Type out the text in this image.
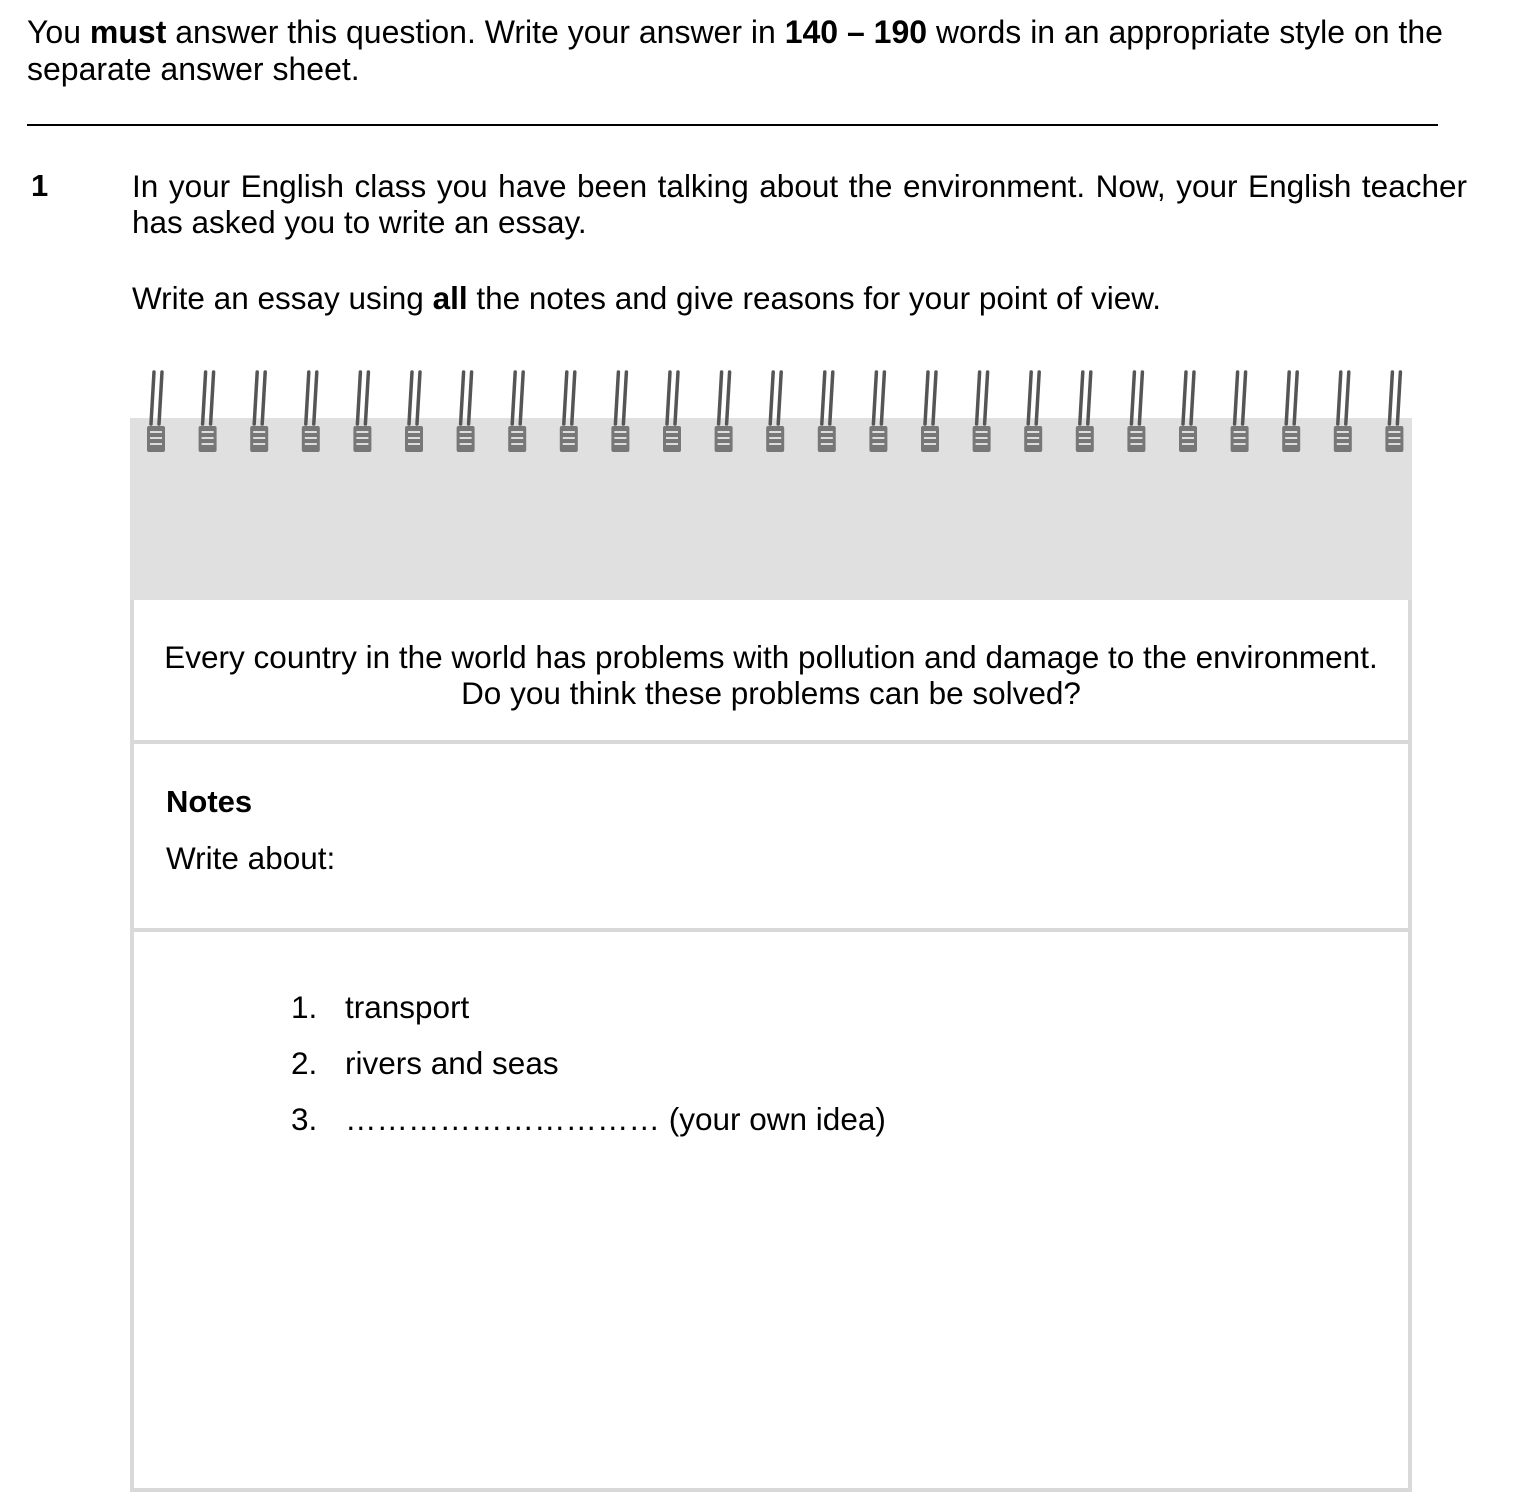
You must answer this question. Write your answer in 140 – 190 words in an appropriate style on the separate answer sheet.
1	In your English class you have been talking about the environment. Now, your English teacher has asked you to write an essay.
Write an essay using all the notes and give reasons for your point of view.
Every country in the world has problems with pollution and damage to the environment.
Do you think these problems can be solved?
Notes
Write about:
1. transport
2. rivers and seas
3. ………………………… (your own idea)
